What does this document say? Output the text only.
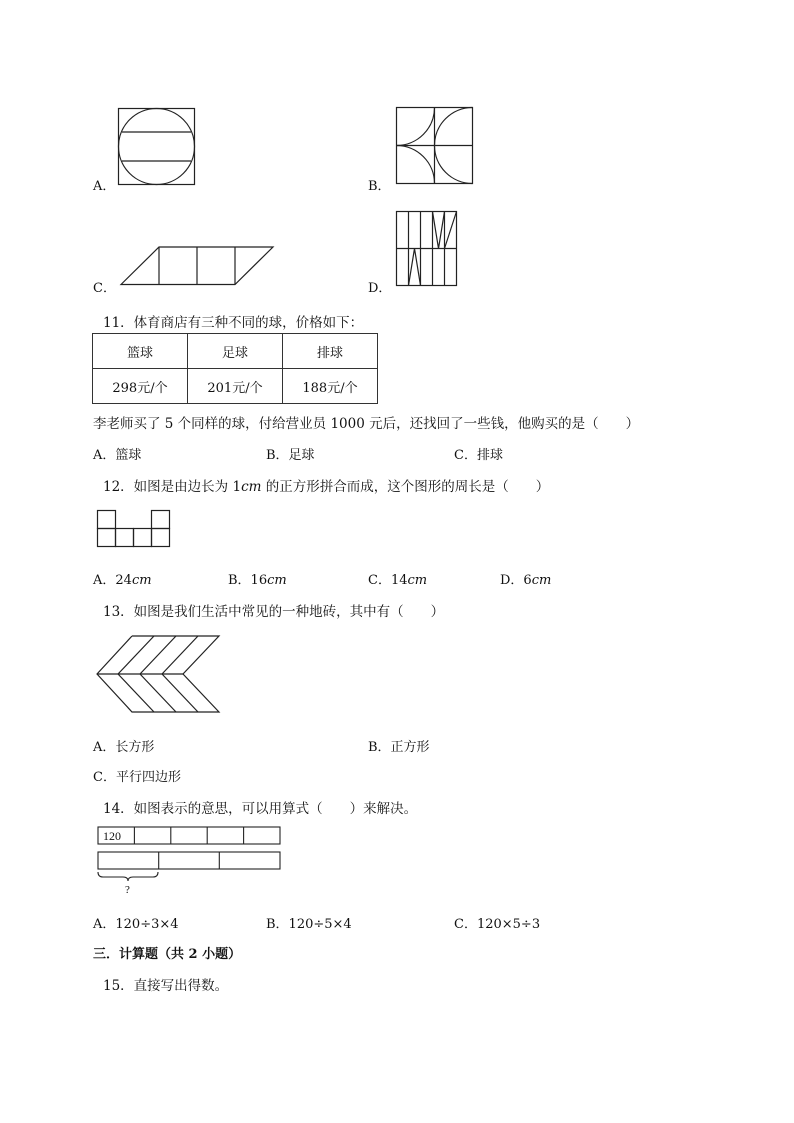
A．	B．
C．	D．
11．体育商店有三种不同的球，价格如下：
篮球	足球	排球
298元/个	201元/个	188元/个
李老师买了 5 个同样的球，付给营业员 1000 元后，还找回了一些钱，他购买的是（　　）
A．篮球	B．足球	C．排球
12．如图是由边长为 1cm 的正方形拼合而成，这个图形的周长是（　　）
A．24cm	B．16cm	C．14cm	D．6cm
13．如图是我们生活中常见的一种地砖，其中有（　　）
A．长方形	B．正方形
C．平行四边形
14．如图表示的意思，可以用算式（　　）来解决。
120
?
A．120÷3×4	B．120÷5×4	C．120×5÷3
三．计算题（共 2 小题）
15．直接写出得数。
